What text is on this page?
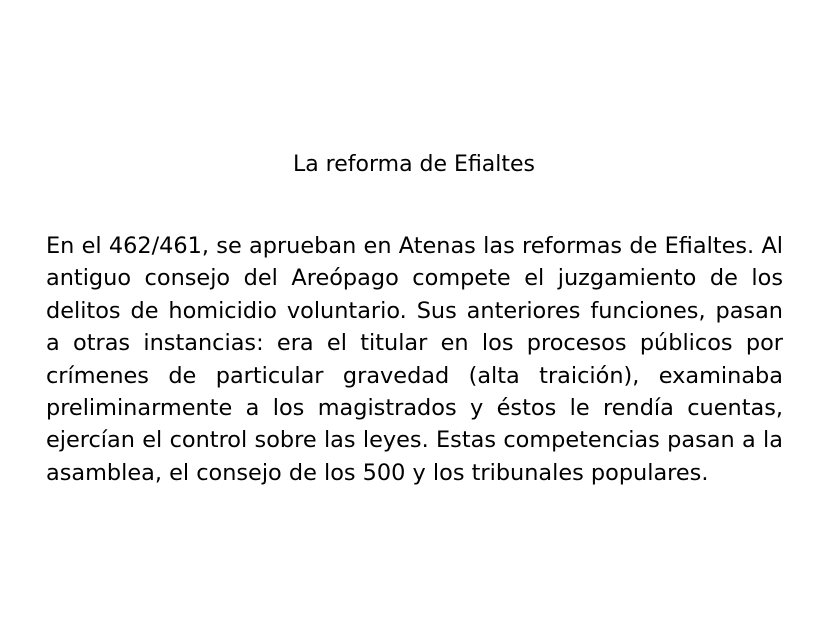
La reforma de Efialtes

En el 462/461, se aprueban en Atenas las reformas de Efialtes. Al antiguo consejo del Areópago compete el juzgamiento de los delitos de homicidio voluntario. Sus anteriores funciones, pasan a otras instancias: era el titular en los procesos públicos por crímenes de particular gravedad (alta traición), examinaba preliminarmente a los magistrados y éstos le rendía cuentas, ejercían el control sobre las leyes. Estas competencias pasan a la asamblea, el consejo de los 500 y los tribunales populares.
